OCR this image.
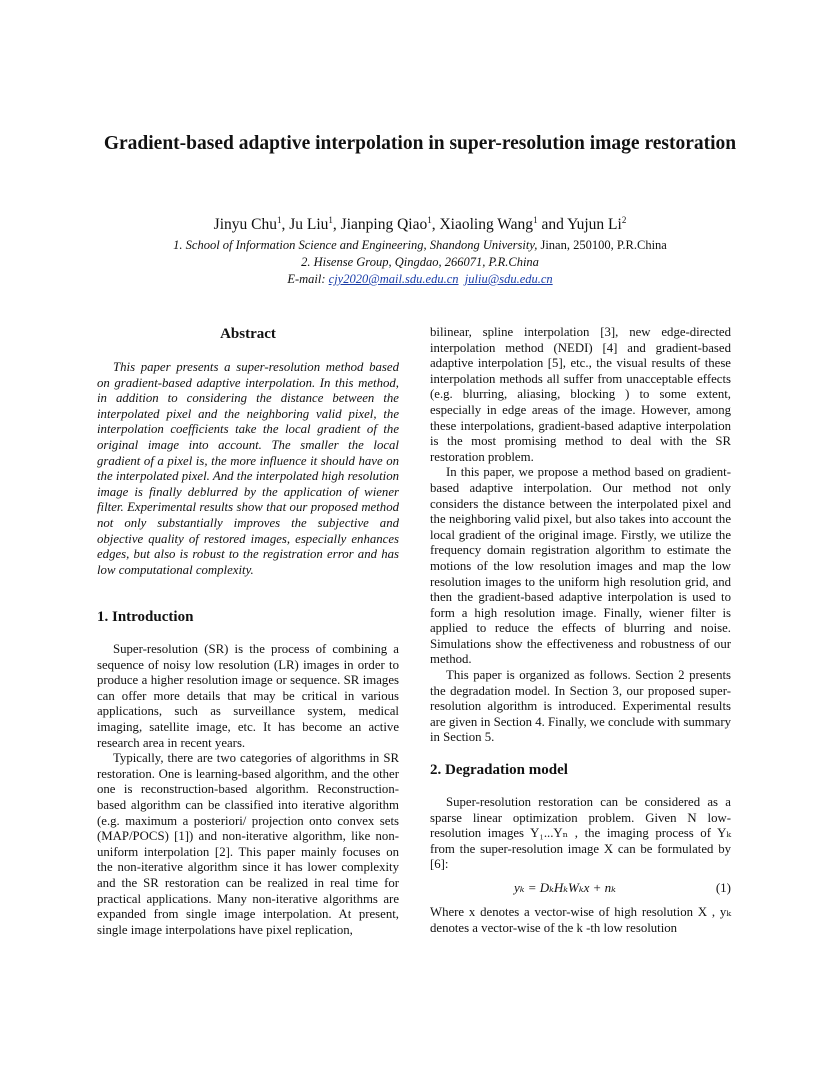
Gradient-based adaptive interpolation in super-resolution image restoration
Jinyu Chu$^1$, Ju Liu$^1$, Jianping Qiao$^1$, Xiaoling Wang$^1$ and Yujun Li$^2$
1. School of Information Science and Engineering, Shandong University, Jinan, 250100, P.R.China
2. Hisense Group, Qingdao, 266071, P.R.China
E-mail: cjy2020@mail.sdu.edu.cn juliu@sdu.edu.cn
Abstract

This paper presents a super-resolution method based on gradient-based adaptive interpolation. In this method, in addition to considering the distance between the interpolated pixel and the neighboring valid pixel, the interpolation coefficients take the local gradient of the original image into account. The smaller the local gradient of a pixel is, the more influence it should have on the interpolated pixel. And the interpolated high resolution image is finally deblurred by the application of wiener filter. Experimental results show that our proposed method not only substantially improves the subjective and objective quality of restored images, especially enhances edges, but also is robust to the registration error and has low computational complexity.

1. Introduction

Super-resolution (SR) is the process of combining a sequence of noisy low resolution (LR) images in order to produce a higher resolution image or sequence. SR images can offer more details that may be critical in various applications, such as surveillance system, medical imaging, satellite image, etc. It has become an active research area in recent years.

Typically, there are two categories of algorithms in SR restoration. One is learning-based algorithm, and the other one is reconstruction-based algorithm. Reconstruction-based algorithm can be classified into iterative algorithm (e.g. maximum a posteriori/ projection onto convex sets (MAP/POCS) [1]) and non-iterative algorithm, like non-uniform interpolation [2]. This paper mainly focuses on the non-iterative algorithm since it has lower complexity and the SR restoration can be realized in real time for practical applications. Many non-iterative algorithms are expanded from single image interpolation. At present, single image interpolations have pixel replication,

bilinear, spline interpolation [3], new edge-directed interpolation method (NEDI) [4] and gradient-based adaptive interpolation [5], etc., the visual results of these interpolation methods all suffer from unacceptable effects (e.g. blurring, aliasing, blocking ) to some extent, especially in edge areas of the image. However, among these interpolations, gradient-based adaptive interpolation is the most promising method to deal with the SR restoration problem.

In this paper, we propose a method based on gradient-based adaptive interpolation. Our method not only considers the distance between the interpolated pixel and the neighboring valid pixel, but also takes into account the local gradient of the original image. Firstly, we utilize the frequency domain registration algorithm to estimate the motions of the low resolution images and map the low resolution images to the uniform high resolution grid, and then the gradient-based adaptive interpolation is used to form a high resolution image. Finally, wiener filter is applied to reduce the effects of blurring and noise. Simulations show the effectiveness and robustness of our method.

This paper is organized as follows. Section 2 presents the degradation model. In Section 3, our proposed super-resolution algorithm is introduced. Experimental results are given in Section 4. Finally, we conclude with summary in Section 5.

2. Degradation model

Super-resolution restoration can be considered as a sparse linear optimization problem. Given N low-resolution images Y₁...Yₙ , the imaging process of Yₖ from the super-resolution image X can be formulated by [6]:

yₖ = DₖHₖWₖx + nₖ	(1)

Where x denotes a vector-wise of high resolution X , yₖ denotes a vector-wise of the k -th low resolution
